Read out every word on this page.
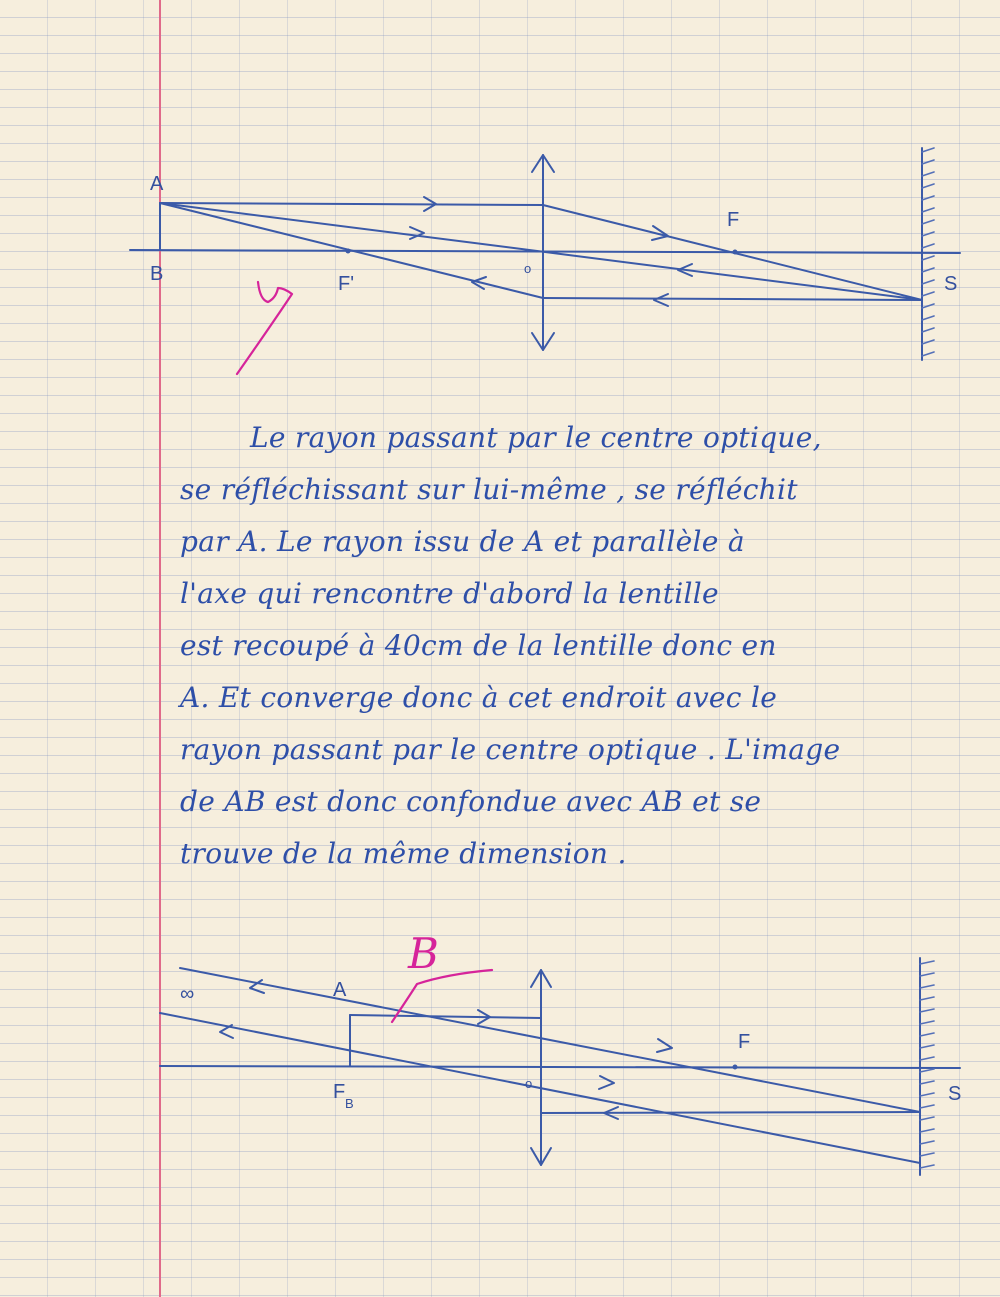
A
B	F'
o
F
S
Le rayon passant par le centre optique,
se réfléchissant sur lui-même , se réfléchit
par A. Le rayon issu de A et parallèle à
l'axe qui rencontre d'abord la lentille
est recoupé à 40cm de la lentille donc en
A. Et converge donc à cet endroit avec le
rayon passant par le centre optique . L'image
de AB est donc confondue avec AB et se
trouve de la même dimension .
∞	A
F
B
o
F
S
B
